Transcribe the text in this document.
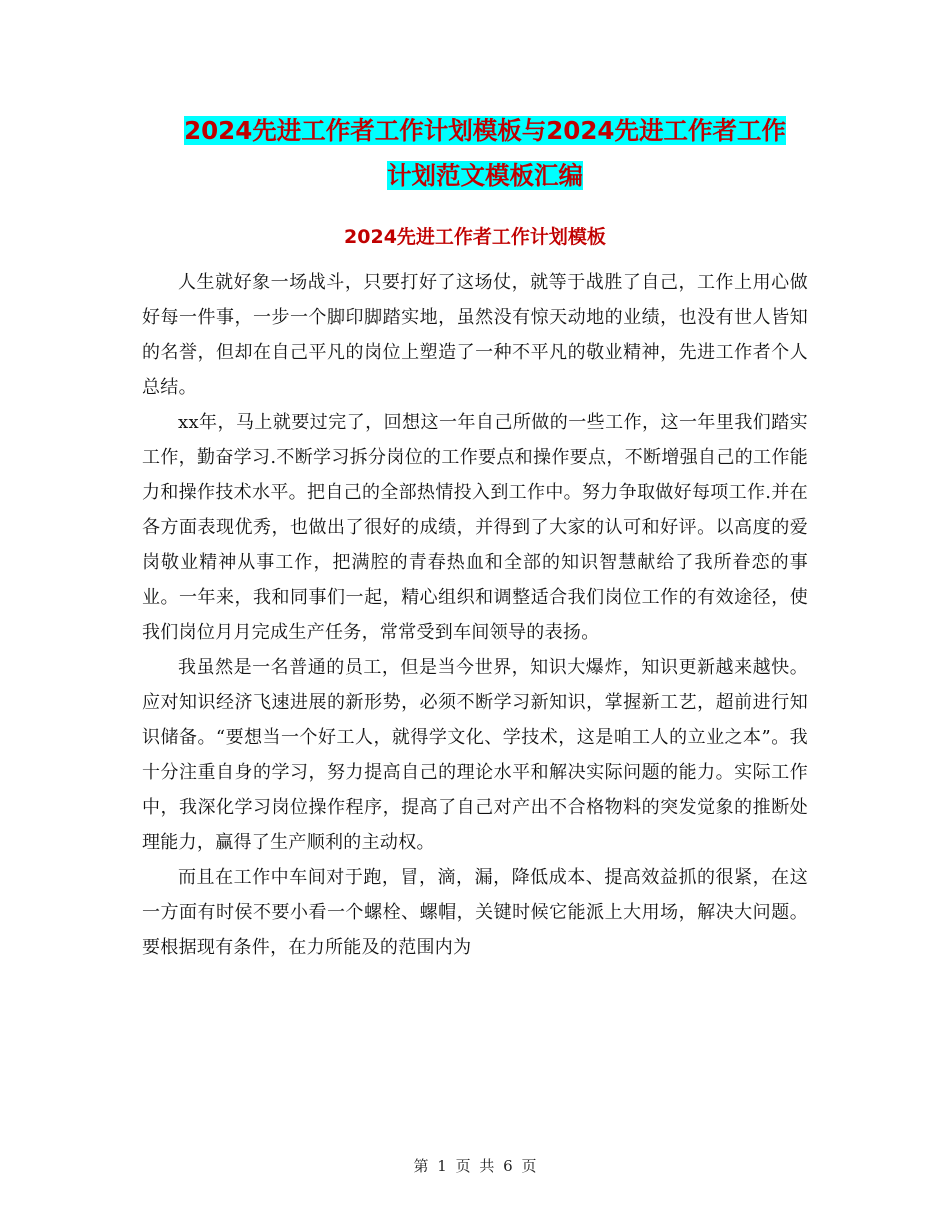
2024先进工作者工作计划模板与2024先进工作者工作
计划范文模板汇编
2024先进工作者工作计划模板

人生就好象一场战斗，只要打好了这场仗，就等于战胜了自己，工作上用心做好每一件事，一步一个脚印脚踏实地，虽然没有惊天动地的业绩，也没有世人皆知的名誉，但却在自己平凡的岗位上塑造了一种不平凡的敬业精神，先进工作者个人总结。

xx年，马上就要过完了，回想这一年自己所做的一些工作，这一年里我们踏实工作，勤奋学习.不断学习拆分岗位的工作要点和操作要点，不断增强自己的工作能力和操作技术水平。把自己的全部热情投入到工作中。努力争取做好每项工作.并在各方面表现优秀，也做出了很好的成绩，并得到了大家的认可和好评。以高度的爱岗敬业精神从事工作，把满腔的青春热血和全部的知识智慧献给了我所眷恋的事业。一年来，我和同事们一起，精心组织和调整适合我们岗位工作的有效途径，使我们岗位月月完成生产任务，常常受到车间领导的表扬。

我虽然是一名普通的员工，但是当今世界，知识大爆炸，知识更新越来越快。应对知识经济飞速进展的新形势，必须不断学习新知识，掌握新工艺，超前进行知识储备。“要想当一个好工人，就得学文化、学技术，这是咱工人的立业之本”。我十分注重自身的学习，努力提高自己的理论水平和解决实际问题的能力。实际工作中，我深化学习岗位操作程序，提高了自己对产出不合格物料的突发觉象的推断处理能力，赢得了生产顺利的主动权。

而且在工作中车间对于跑，冒，滴，漏，降低成本、提高效益抓的很紧，在这一方面有时侯不要小看一个螺栓、螺帽，关键时候它能派上大用场，解决大问题。要根据现有条件，在力所能及的范围内为

第 1 页 共 6 页
